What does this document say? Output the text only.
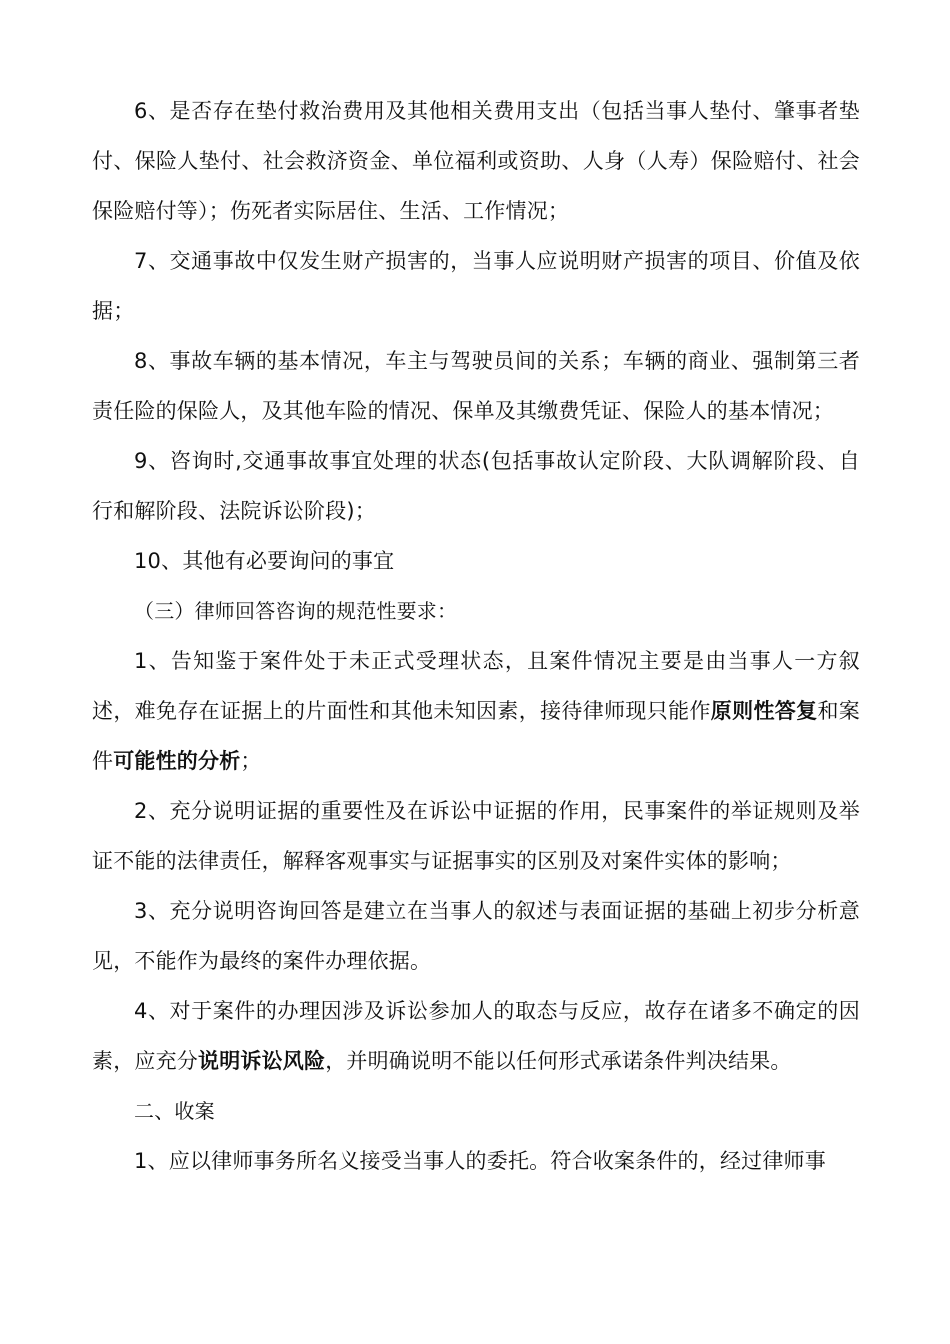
6、是否存在垫付救治费用及其他相关费用支出（包括当事人垫付、肇事者垫付、保险人垫付、社会救济资金、单位福利或资助、人身（人寿）保险赔付、社会保险赔付等）；伤死者实际居住、生活、工作情况；

7、交通事故中仅发生财产损害的，当事人应说明财产损害的项目、价值及依据；

8、事故车辆的基本情况，车主与驾驶员间的关系；车辆的商业、强制第三者责任险的保险人，及其他车险的情况、保单及其缴费凭证、保险人的基本情况；

9、咨询时,交通事故事宜处理的状态(包括事故认定阶段、大队调解阶段、自行和解阶段、法院诉讼阶段)；

10、其他有必要询问的事宜

（三）律师回答咨询的规范性要求：

1、告知鉴于案件处于未正式受理状态，且案件情况主要是由当事人一方叙述，难免存在证据上的片面性和其他未知因素，接待律师现只能作原则性答复和案件可能性的分析；

2、充分说明证据的重要性及在诉讼中证据的作用，民事案件的举证规则及举证不能的法律责任，解释客观事实与证据事实的区别及对案件实体的影响；

3、充分说明咨询回答是建立在当事人的叙述与表面证据的基础上初步分析意见，不能作为最终的案件办理依据。

4、对于案件的办理因涉及诉讼参加人的取态与反应，故存在诸多不确定的因素，应充分说明诉讼风险，并明确说明不能以任何形式承诺条件判决结果。

二、收案

1、应以律师事务所名义接受当事人的委托。符合收案条件的，经过律师事
